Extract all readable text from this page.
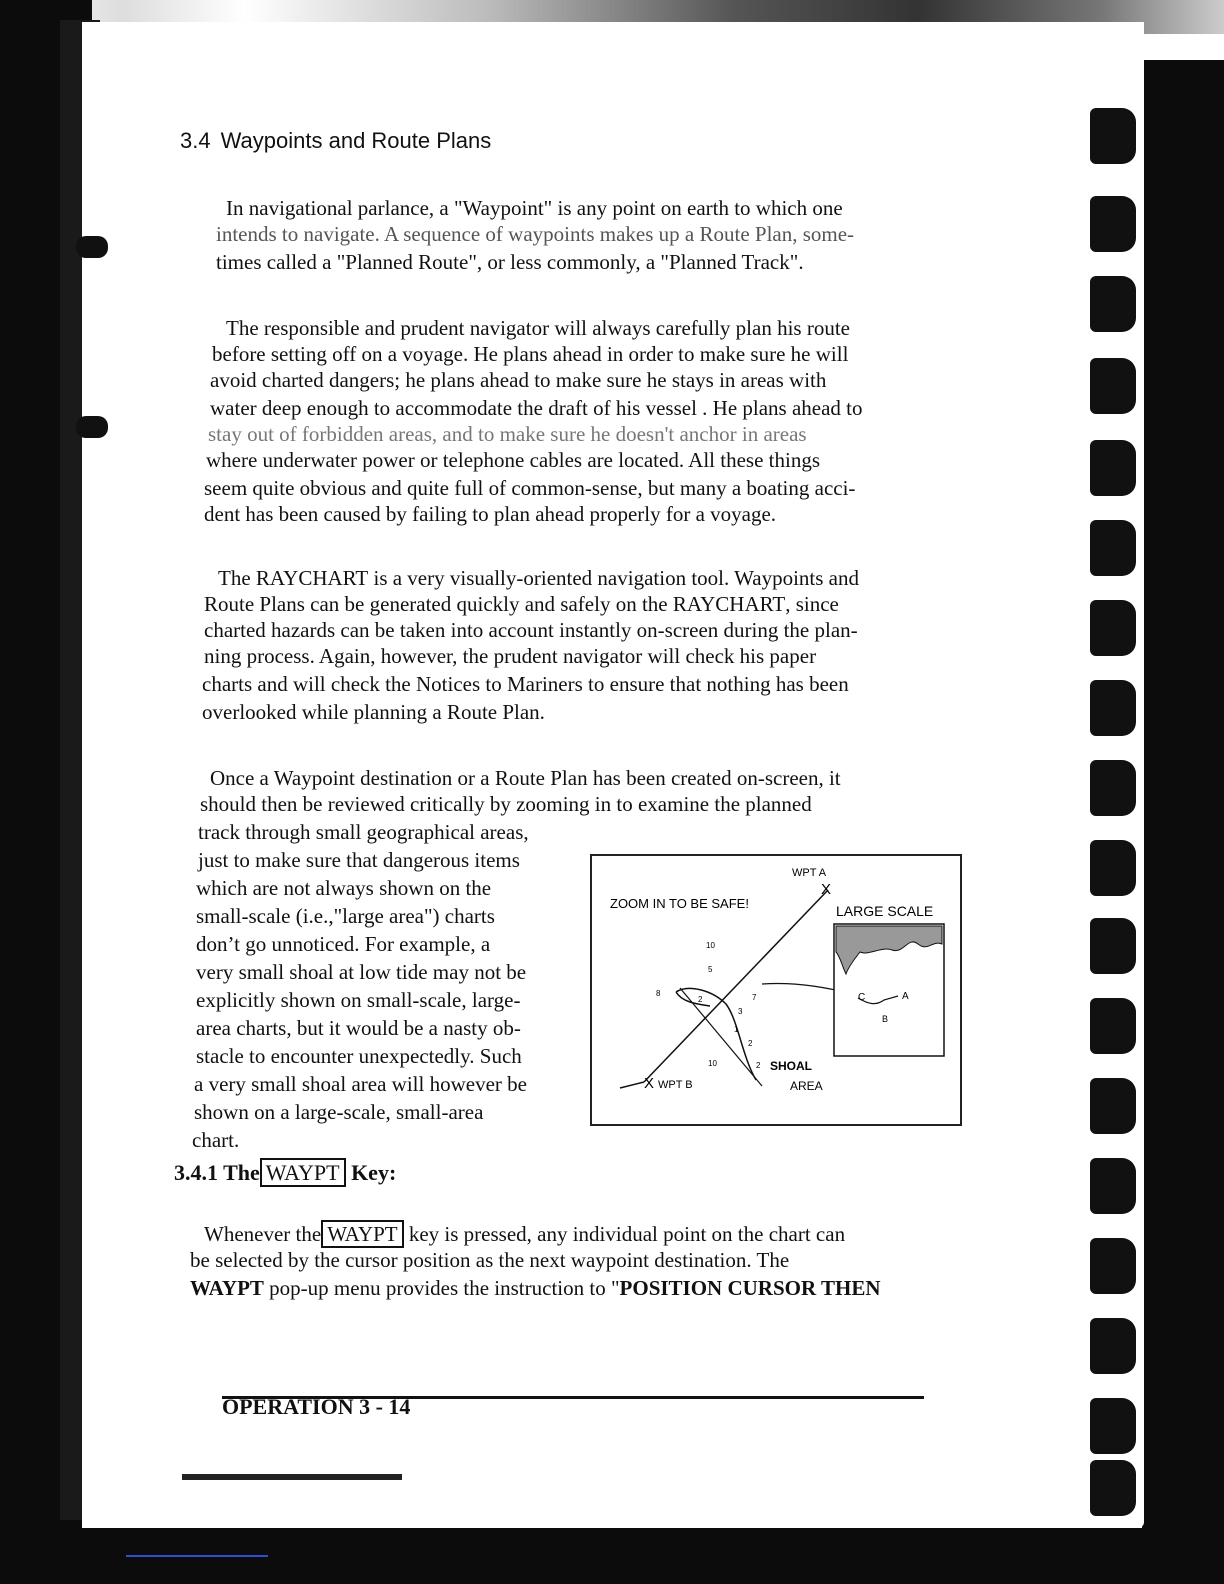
3.4 Waypoints and Route Plans
In navigational parlance, a "Waypoint" is any point on earth to which one
intends to navigate. A sequence of waypoints makes up a Route Plan, some-
times called a "Planned Route", or less commonly, a "Planned Track".
The responsible and prudent navigator will always carefully plan his route
before setting off on a voyage. He plans ahead in order to make sure he will
avoid charted dangers; he plans ahead to make sure he stays in areas with
water deep enough to accommodate the draft of his vessel . He plans ahead to
stay out of forbidden areas, and to make sure he doesn't anchor in areas
where underwater power or telephone cables are located. All these things
seem quite obvious and quite full of common-sense, but many a boating acci-
dent has been caused by failing to plan ahead properly for a voyage.
The RAYCHART is a very visually-oriented navigation tool. Waypoints and
Route Plans can be generated quickly and safely on the RAYCHART, since
charted hazards can be taken into account instantly on-screen during the plan-
ning process. Again, however, the prudent navigator will check his paper
charts and will check the Notices to Mariners to ensure that nothing has been
overlooked while planning a Route Plan.
Once a Waypoint destination or a Route Plan has been created on-screen, it
should then be reviewed critically by zooming in to examine the planned
track through small geographical areas,
just to make sure that dangerous items
which are not always shown on the
small-scale (i.e.,"large area") charts
don’t go unnoticed. For example, a
very small shoal at low tide may not be
explicitly shown on small-scale, large-
area charts, but it would be a nasty ob-
stacle to encounter unexpectedly. Such
a very small shoal area will however be
shown on a large-scale, small-area
chart.
C	A
B
ZOOM IN TO BE SAFE!
WPT A
X
LARGE SCALE
X WPT B
SHOAL
AREA
10
5
8
2	7
3
1
2
10	2
3.4.1 The WAYPT Key:
Whenever the WAYPT key is pressed, any individual point on the chart can
be selected by the cursor position as the next waypoint destination. The
WAYPT pop-up menu provides the instruction to "POSITION CURSOR THEN
OPERATION 3 - 14
